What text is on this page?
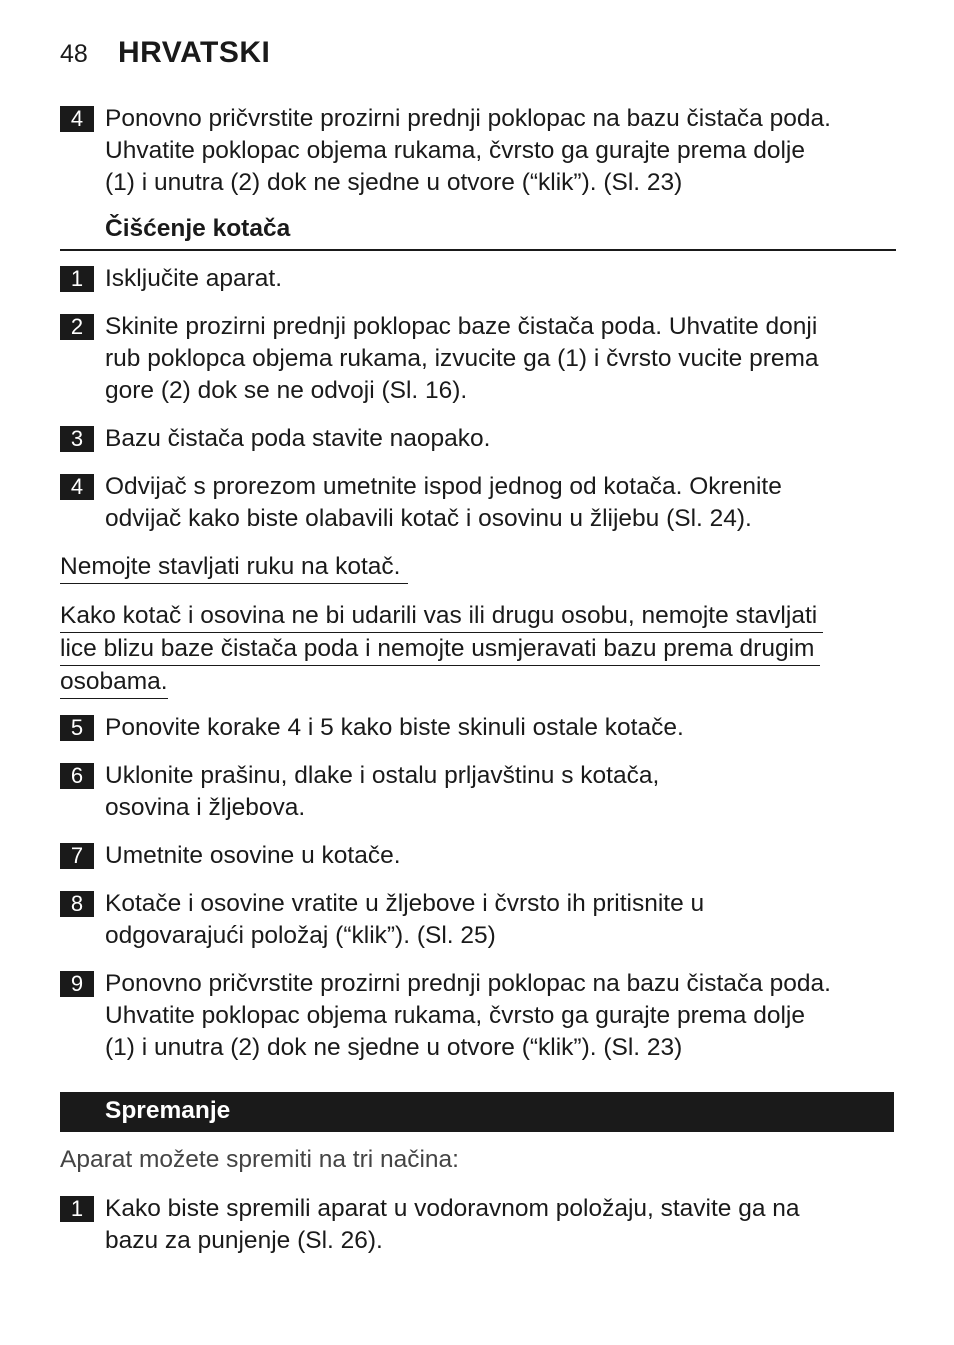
48 HRVATSKI
4 Ponovno pričvrstite prozirni prednji poklopac na bazu čistača poda.
Uhvatite poklopac objema rukama, čvrsto ga gurajte prema dolje
(1) i unutra (2) dok ne sjedne u otvore (“klik”). (Sl. 23)
Čišćenje kotača
1 Isključite aparat.
2 Skinite prozirni prednji poklopac baze čistača poda. Uhvatite donji
rub poklopca objema rukama, izvucite ga (1) i čvrsto vucite prema
gore (2) dok se ne odvoji (Sl. 16).
3 Bazu čistača poda stavite naopako.
4 Odvijač s prorezom umetnite ispod jednog od kotača. Okrenite
odvijač kako biste olabavili kotač i osovinu u žlijebu (Sl. 24).
Nemojte stavljati ruku na kotač.
Kako kotač i osovina ne bi udarili vas ili drugu osobu, nemojte stavljati
lice blizu baze čistača poda i nemojte usmjeravati bazu prema drugim
osobama.
5 Ponovite korake 4 i 5 kako biste skinuli ostale kotače.
6 Uklonite prašinu, dlake i ostalu prljavštinu s kotača,
osovina i žljebova.
7 Umetnite osovine u kotače.
8 Kotače i osovine vratite u žljebove i čvrsto ih pritisnite u
odgovarajući položaj (“klik”). (Sl. 25)
9 Ponovno pričvrstite prozirni prednji poklopac na bazu čistača poda.
Uhvatite poklopac objema rukama, čvrsto ga gurajte prema dolje
(1) i unutra (2) dok ne sjedne u otvore (“klik”). (Sl. 23)
Spremanje
Aparat možete spremiti na tri načina:
1 Kako biste spremili aparat u vodoravnom položaju, stavite ga na
bazu za punjenje (Sl. 26).
